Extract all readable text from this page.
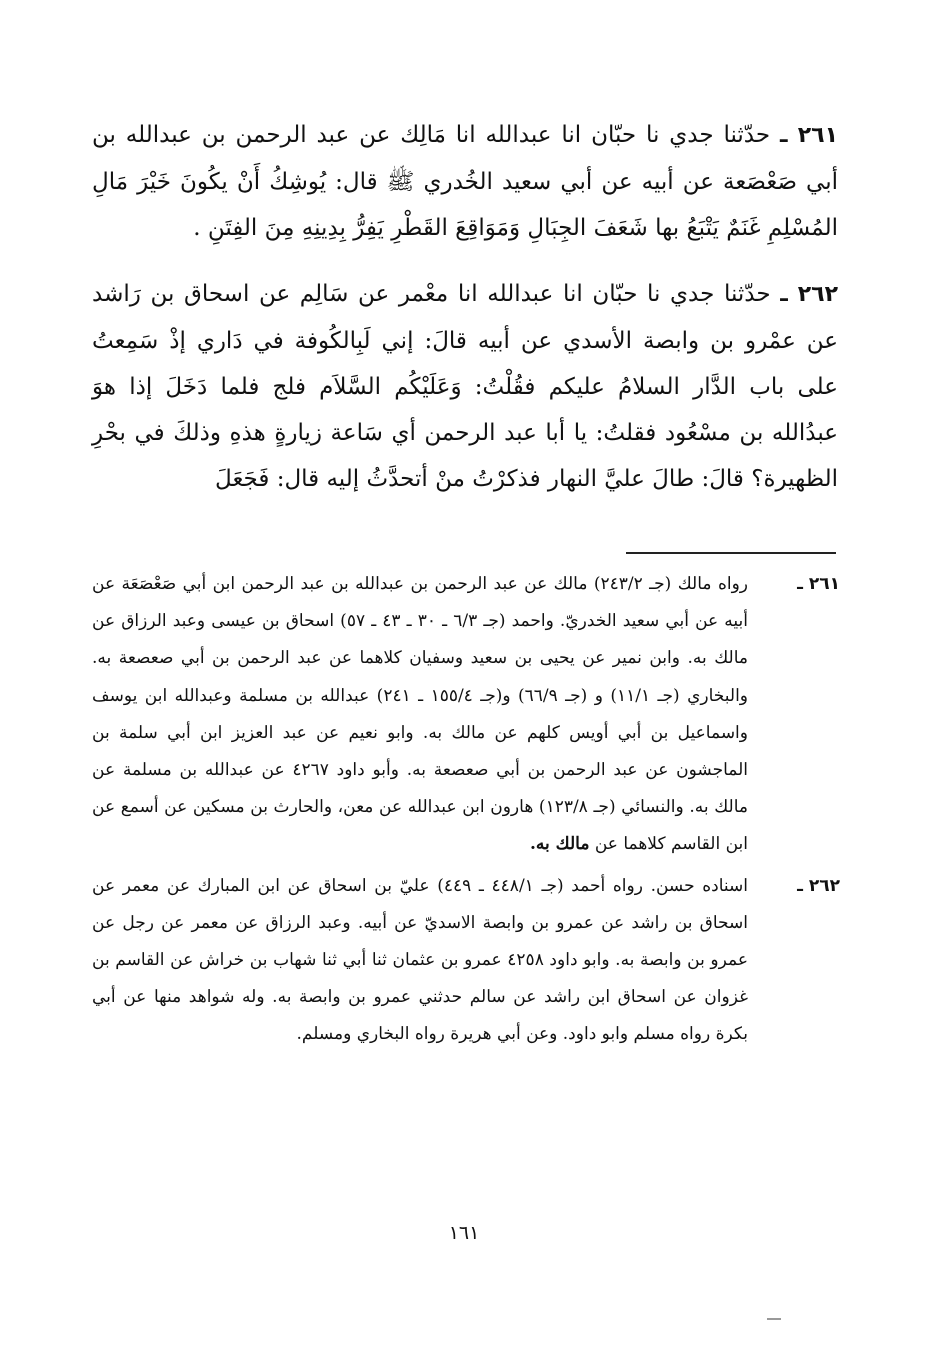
٢٦١ ـ حدّثنا جدي نا حبّان انا عبدالله انا مَالِك عن عبد الرحمن بن عبدالله بن أبي صَعْصَعة عن أبيه عن أبي سعيد الخُدري ﷺ قال: يُوشِكُ أَنْ يكُونَ خَيْرَ مَالِ المُسْلِمِ غَنَمٌ يَتْبَعُ بها شَعَفَ الجِبَالِ وَمَوَاقِعَ القَطْرِ يَفِرُّ بِدِينِهِ مِنَ الفِتَنِ .

٢٦٢ ـ حدّثنا جدي نا حبّان انا عبدالله انا معْمر عن سَالِم عن اسحاق بن رَاشد عن عمْرو بن وابصة الأسدي عن أبيه قالَ: إني لَبِالكُوفة في دَاري إذْ سَمِعتُ على باب الدَّار السلامُ عليكم فقُلْتُ: وَعَلَيْكُم السَّلاَم فلج فلما دَخَلَ إذا هوَ عبدُالله بن مسْعُود فقلتُ: يا أبا عبد الرحمن أي سَاعة زيارةٍ هذهِ وذلكَ في بحْرِ الظهيرة؟ قالَ: طالَ عليَّ النهار فذكرْتُ منْ أتحدَّثُ إليه قال: فَجَعَلَ

٢٦١ ـ
رواه مالك (جـ ٢٤٣/٢) مالك عن عبد الرحمن بن عبدالله بن عبد الرحمن ابن أبي صَعْصَعَة عن أبيه عن أبي سعيد الخدريّ. واحمد (جـ ٦/٣ ـ ٣٠ ـ ٤٣ ـ ٥٧) اسحاق بن عيسى وعبد الرزاق عن مالك به. وابن نمير عن يحيى بن سعيد وسفيان كلاهما عن عبد الرحمن بن أبي صعصعة به. والبخاري (جـ ١١/١) و (جـ ٦٦/٩) و(جـ ١٥٥/٤ ـ ٢٤١) عبدالله بن مسلمة وعبدالله ابن يوسف واسماعيل بن أبي أويس كلهم عن مالك به. وابو نعيم عن عبد العزيز ابن أبي سلمة بن الماجشون عن عبد الرحمن بن أبي صعصعة به. وأبو داود ٤٢٦٧ عن عبدالله بن مسلمة عن مالك به. والنسائي (جـ ١٢٣/٨) هارون ابن عبدالله عن معن، والحارث بن مسكين عن أسمع عن ابن القاسم كلاهما عن مالك به.

٢٦٢ ـ
اسناده حسن. رواه أحمد (جـ ٤٤٨/١ ـ ٤٤٩) عليّ بن اسحاق عن ابن المبارك عن معمر عن اسحاق بن راشد عن عمرو بن وابصة الاسديّ عن أبيه. وعبد الرزاق عن معمر عن رجل عن عمرو بن وابصة به. وابو داود ٤٢٥٨ عمرو بن عثمان ثنا أبي ثنا شهاب بن خراش عن القاسم بن غزوان عن اسحاق ابن راشد عن سالم حدثني عمرو بن وابصة به. وله شواهد منها عن أبي بكرة رواه مسلم وابو داود. وعن أبي هريرة رواه البخاري ومسلم.

١٦١
